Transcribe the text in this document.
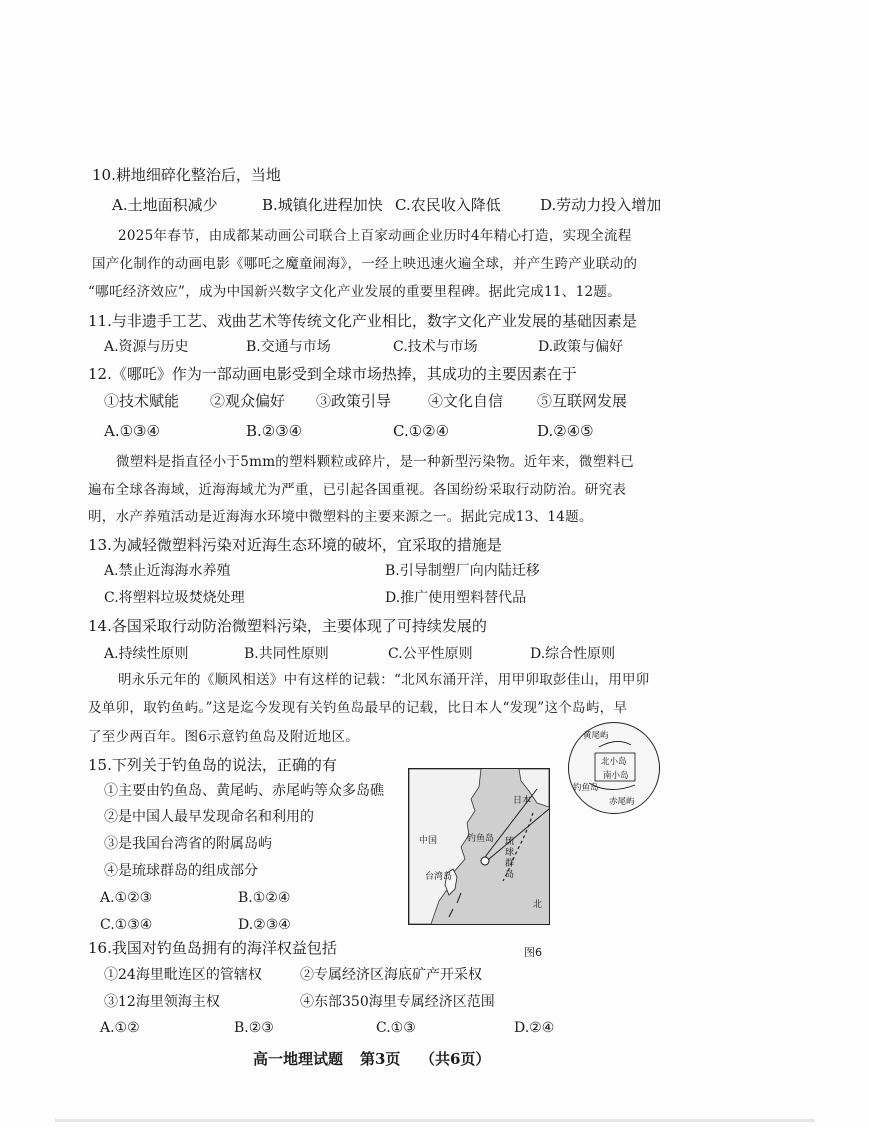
10.耕地细碎化整治后，当地
A.土地面积减少	B.城镇化进程加快 C.农民收入降低	D.劳动力投入增加
2025年春节，由成都某动画公司联合上百家动画企业历时4年精心打造，实现全流程
国产化制作的动画电影《哪吒之魔童闹海》，一经上映迅速火遍全球，并产生跨产业联动的
“哪吒经济效应”，成为中国新兴数字文化产业发展的重要里程碑。据此完成11、12题。
11.与非遗手工艺、戏曲艺术等传统文化产业相比，数字文化产业发展的基础因素是
A.资源与历史	B.交通与市场	C.技术与市场	D.政策与偏好
12.《哪吒》作为一部动画电影受到全球市场热捧，其成功的主要因素在于
①技术赋能 ②观众偏好 ③政策引导 ④文化自信 ⑤互联网发展
A.①③④	B.②③④	C.①②④	D.②④⑤
微塑料是指直径小于5mm的塑料颗粒或碎片，是一种新型污染物。近年来，微塑料已
遍布全球各海域，近海海域尤为严重，已引起各国重视。各国纷纷采取行动防治。研究表
明，水产养殖活动是近海海水环境中微塑料的主要来源之一。据此完成13、14题。
13.为减轻微塑料污染对近海生态环境的破坏，宜采取的措施是
A.禁止近海海水养殖	B.引导制塑厂向内陆迁移
C.将塑料垃圾焚烧处理	D.推广使用塑料替代品
14.各国采取行动防治微塑料污染，主要体现了可持续发展的
A.持续性原则	B.共同性原则	C.公平性原则	D.综合性原则
明永乐元年的《顺风相送》中有这样的记载：“北风东涌开洋，用甲卯取彭佳山，用甲卯
及单卯，取钓鱼屿。”这是迄今发现有关钓鱼岛最早的记载，比日本人“发现”这个岛屿，早
了至少两百年。图6示意钓鱼岛及附近地区。
15.下列关于钓鱼岛的说法，正确的有
①主要由钓鱼岛、黄尾屿、赤尾屿等众多岛礁
②是中国人最早发现命名和利用的
③是我国台湾省的附属岛屿
④是琉球群岛的组成部分
A.①②③	B.①②④
C.①③④	D.②③④
日本
中国	钓鱼岛
台湾岛
琉球群岛
北
黄尾屿
北小岛
南小岛
钓鱼岛
赤尾屿
图6
16.我国对钓鱼岛拥有的海洋权益包括
①24海里毗连区的管辖权	②专属经济区海底矿产开采权
③12海里领海主权	④东部350海里专属经济区范围
A.①②	B.②③	C.①③	D.②④
高一地理试题 第3页 （共6页）
